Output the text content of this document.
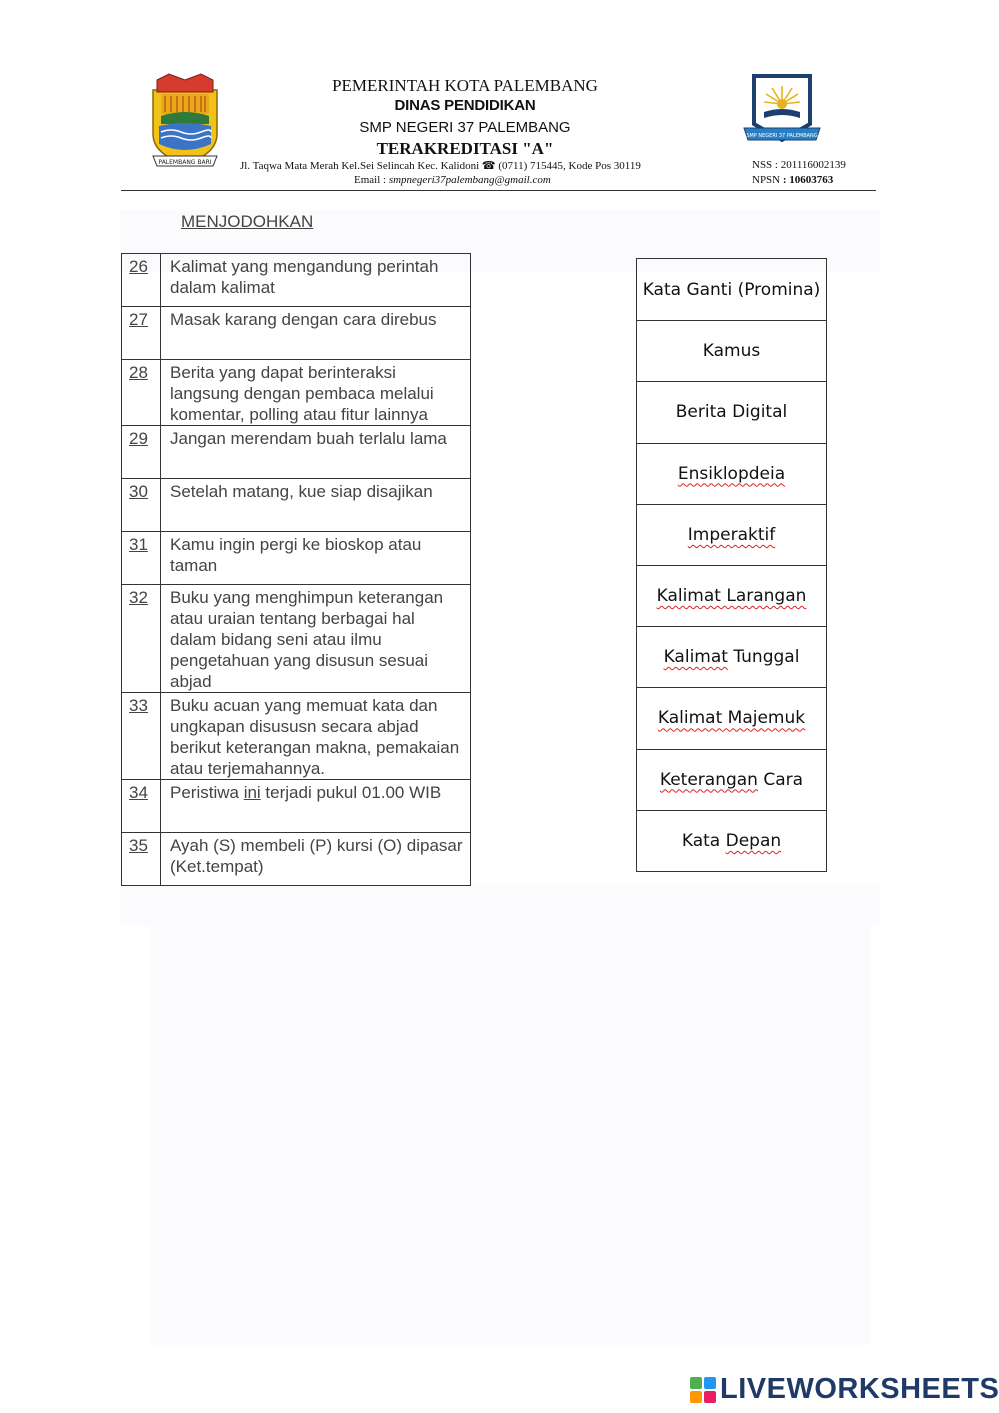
PALEMBANG BARI
SMP NEGERI 37 PALEMBANG
PEMERINTAH KOTA PALEMBANG
DINAS PENDIDIKAN
SMP NEGERI 37 PALEMBANG
TERAKREDITASI "A"
Jl. Taqwa Mata Merah Kel.Sei Selincah Kec. Kalidoni ☎ (0711) 715445, Kode Pos 30119
Email : smpnegeri37palembang@gmail.com
NSS : 201116002139
NPSN : 10603763
MENJODOHKAN
26	Kalimat yang mengandung perintah dalam kalimat
27	Masak karang dengan cara direbus
28	Berita yang dapat berinteraksi langsung dengan pembaca melalui komentar, polling atau fitur lainnya
29	Jangan merendam buah terlalu lama
30	Setelah matang, kue siap disajikan
31	Kamu ingin pergi ke bioskop atau taman
32	Buku yang menghimpun keterangan atau uraian tentang berbagai hal dalam bidang seni atau ilmu pengetahuan yang disusun sesuai abjad
33	Buku acuan yang memuat kata dan ungkapan disususn secara abjad berikut keterangan makna, pemakaian atau terjemahannya.
34	Peristiwa ini terjadi pukul 01.00 WIB
35	Ayah (S) membeli (P) kursi (O) dipasar (Ket.tempat)
Kata Ganti (Promina)
Kamus
Berita Digital
Ensiklopdeia
Imperaktif
Kalimat Larangan
Kalimat Tunggal
Kalimat Majemuk
Keterangan Cara
Kata Depan
LIVEWORKSHEETS
